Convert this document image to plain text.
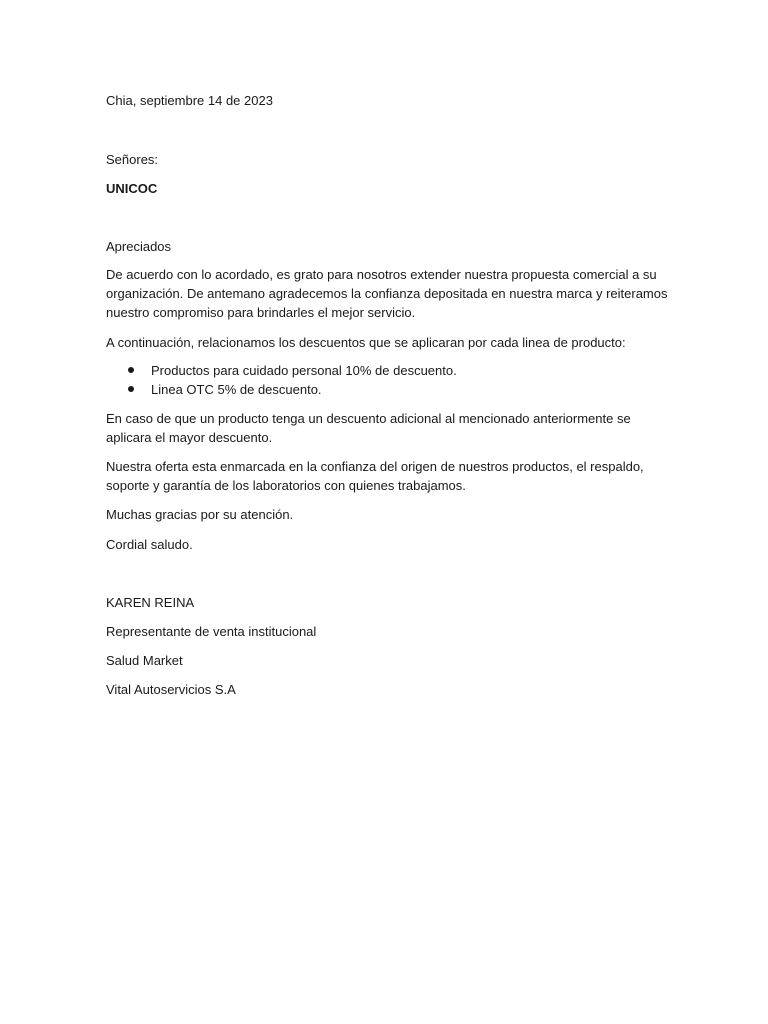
Chia, septiembre 14 de 2023

Señores:

UNICOC

Apreciados

De acuerdo con lo acordado, es grato para nosotros extender nuestra propuesta comercial a su
organización. De antemano agradecemos la confianza depositada en nuestra marca y reiteramos
nuestro compromiso para brindarles el mejor servicio.

A continuación, relacionamos los descuentos que se aplicaran por cada linea de producto:

Productos para cuidado personal 10% de descuento.
Linea OTC 5% de descuento.
En caso de que un producto tenga un descuento adicional al mencionado anteriormente se
aplicara el mayor descuento.
Nuestra oferta esta enmarcada en la confianza del origen de nuestros productos, el respaldo,
soporte y garantía de los laboratorios con quienes trabajamos.

Muchas gracias por su atención.

Cordial saludo.

KAREN REINA

Representante de venta institucional

Salud Market

Vital Autoservicios S.A
